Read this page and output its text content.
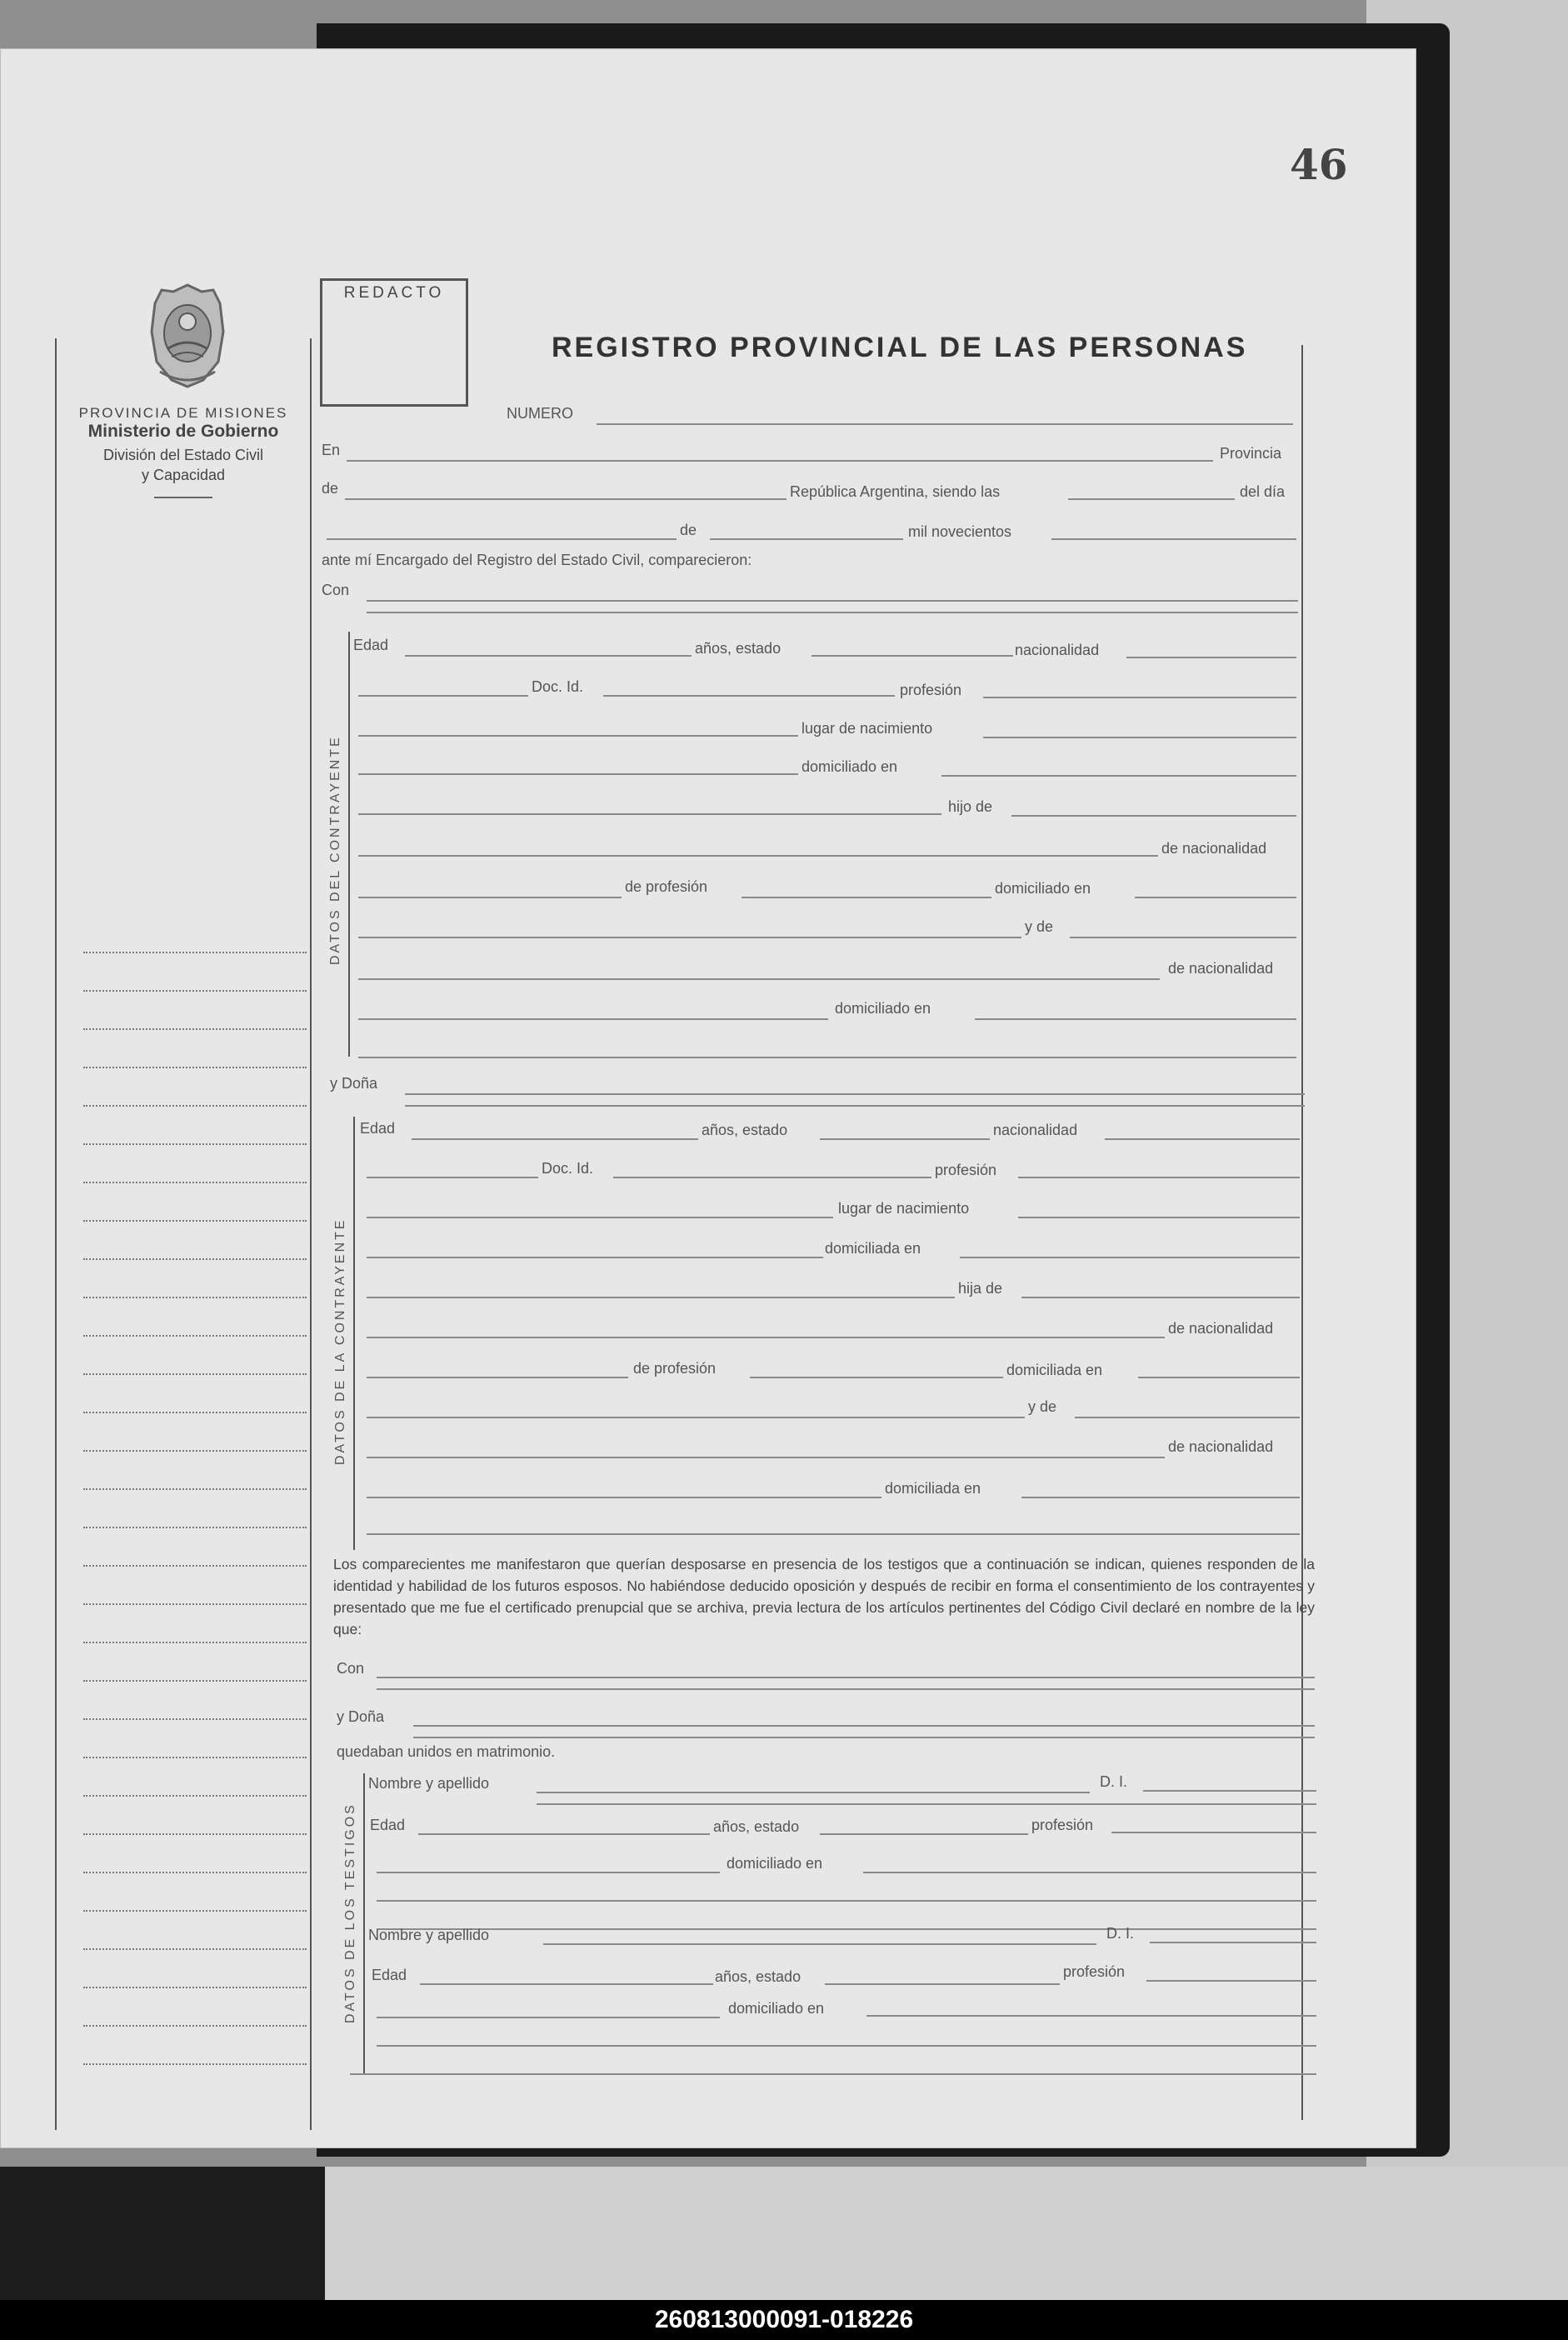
46
PROVINCIA DE MISIONES
Ministerio de Gobierno
División del Estado Civil
y Capacidad
REDACTO
REGISTRO PROVINCIAL DE LAS PERSONAS
NUMERO
En	Provincia
de	República Argentina, siendo las	del día
de	mil novecientos
ante mí Encargado del Registro del Estado Civil, comparecieron:
Con
DATOS DEL CONTRAYENTE
Edad	años, estado	nacionalidad
Doc. Id.	profesión
lugar de nacimiento
domiciliado en
hijo de
de nacionalidad
de profesión	domiciliado en
y de
de nacionalidad
domiciliado en
y Doña
DATOS DE LA CONTRAYENTE
Edad	años, estado	nacionalidad
Doc. Id.	profesión
lugar de nacimiento
domiciliada en
hija de
de nacionalidad
de profesión	domiciliada en
y de
de nacionalidad
domiciliada en
Los comparecientes me manifestaron que querían desposarse en presencia de los testigos que a continuación se indican, quienes responden de la identidad y habilidad de los futuros esposos. No habiéndose deducido oposición y después de recibir en forma el consentimiento de los contrayentes y presentado que me fue el certificado prenupcial que se archiva, previa lectura de los artículos pertinentes del Código Civil declaré en nombre de la ley que:
Con
y Doña
quedaban unidos en matrimonio.
DATOS DE LOS TESTIGOS
Nombre y apellido	D. I.
Edad	años, estado	profesión
domiciliado en
Nombre y apellido	D. I.
Edad	años, estado	profesión
domiciliado en
260813000091-018226
